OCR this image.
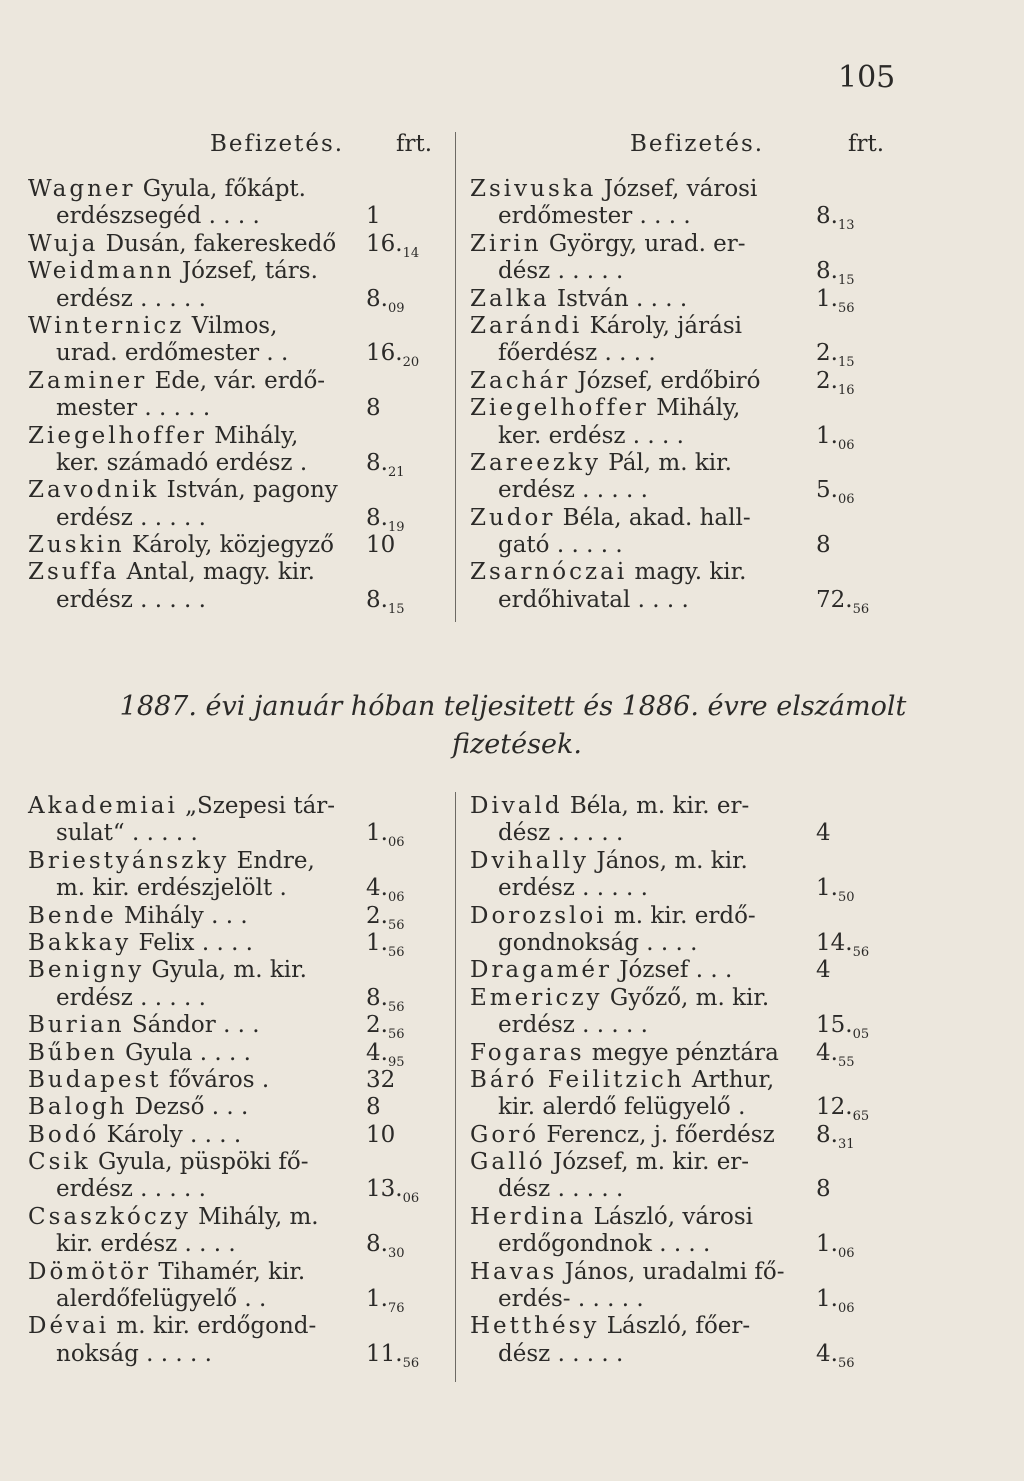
105
Befizetés. frt.
Wagner Gyula, főkápt.
erdészsegéd . . . .	1
Wuja Dusán, fakereskedő $16._{14}$
Weidmann József, társ.
erdész . . . . .	$8._{09}$
Winternicz Vilmos,
urad. erdőmester . .	$16._{20}$
Zaminer Ede, vár. erdő-
mester . . . . .	8
Ziegelhoffer Mihály,
ker. számadó erdész .	$8._{21}$
Zavodnik István, pagony
erdész . . . . .	$8._{19}$
Zuskin Károly, közjegyző 10
Zsuffa Antal, magy. kir.
erdész . . . . .	$8._{15}$
Befizetés.	frt.
Zsivuska József, városi
erdőmester . . . .	$8._{13}$
Zirin György, urad. er-
dész . . . . .	$8._{15}$
Zalka István . . . .	$1._{56}$
Zarándi Károly, járási
főerdész . . . .	$2._{15}$
Zachár József, erdőbiró $2._{16}$
Ziegelhoffer Mihály,
ker. erdész . . . .	$1._{06}$
Zareezky Pál, m. kir.
erdész . . . . .	$5._{06}$
Zudor Béla, akad. hall-
gató . . . . .	8
Zsarnóczai magy. kir.
erdőhivatal . . . .	$72._{56}$
1887. évi január hóban teljesitett és 1886. évre elszámolt
fizetések.
Akademiai „Szepesi tár-
sulat“ . . . . .	$1._{06}$
Briestyánszky Endre,
m. kir. erdészjelölt .	$4._{06}$
Bende Mihály . . .	$2._{56}$
Bakkay Felix . . . .	$1._{56}$
Benigny Gyula, m. kir.
erdész . . . . .	$8._{56}$
Burian Sándor . . .	$2._{56}$
Bűben Gyula . . . .	$4._{95}$
Budapest főváros .	32
Balogh Dezső . . .	8
Bodó Károly . . . .	10
Csik Gyula, püspöki fő-
erdész . . . . .	$13._{06}$
Csaszkóczy Mihály, m.
kir. erdész . . . .	$8._{30}$
Dömötör Tihamér, kir.
alerdőfelügyelő . .	$1._{76}$
Dévai m. kir. erdőgond-
nokság . . . . .	$11._{56}$
Divald Béla, m. kir. er-
dész . . . . .	4
Dvihally János, m. kir.
erdész . . . . .	$1._{50}$
Dorozsloi m. kir. erdő-
gondnokság . . . .	$14._{56}$
Dragamér József . . .	4
Emericzy Győző, m. kir.
erdész . . . . .	$15._{05}$
Fogaras megye pénztára $4._{55}$
Báró Feilitzich Arthur,
kir. alerdő felügyelő .	$12._{65}$
Goró Ferencz, j. főerdész $8._{31}$
Galló József, m. kir. er-
dész . . . . .	8
Herdina László, városi
erdőgondnok . . . .	$1._{06}$
Havas János, uradalmi fő-
erdés- . . . . .	$1._{06}$
Hetthésy László, főer-
dész . . . . .	$4._{56}$
